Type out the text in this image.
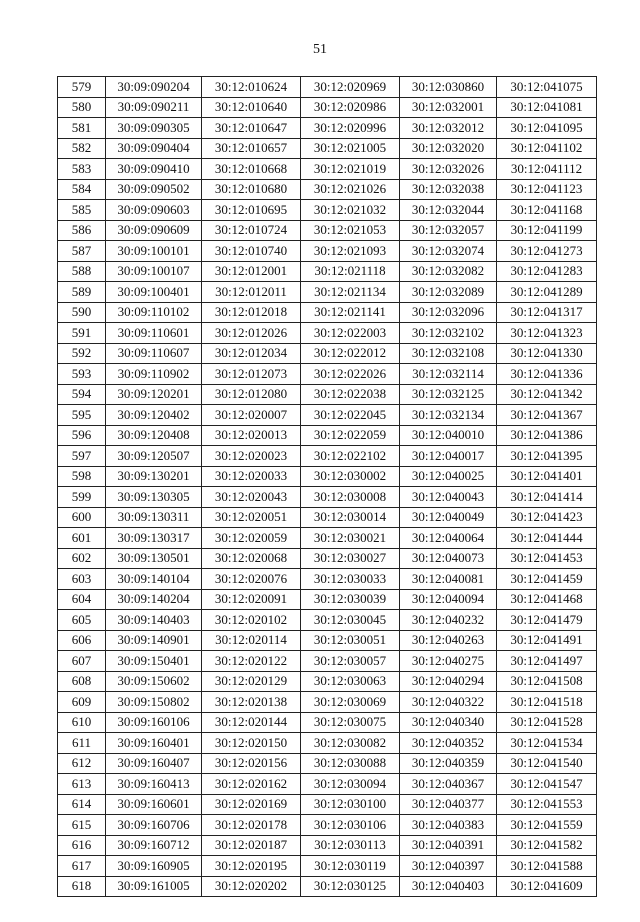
51
579	30:09:090204	30:12:010624	30:12:020969	30:12:030860	30:12:041075
580	30:09:090211	30:12:010640	30:12:020986	30:12:032001	30:12:041081
581	30:09:090305	30:12:010647	30:12:020996	30:12:032012	30:12:041095
582	30:09:090404	30:12:010657	30:12:021005	30:12:032020	30:12:041102
583	30:09:090410	30:12:010668	30:12:021019	30:12:032026	30:12:041112
584	30:09:090502	30:12:010680	30:12:021026	30:12:032038	30:12:041123
585	30:09:090603	30:12:010695	30:12:021032	30:12:032044	30:12:041168
586	30:09:090609	30:12:010724	30:12:021053	30:12:032057	30:12:041199
587	30:09:100101	30:12:010740	30:12:021093	30:12:032074	30:12:041273
588	30:09:100107	30:12:012001	30:12:021118	30:12:032082	30:12:041283
589	30:09:100401	30:12:012011	30:12:021134	30:12:032089	30:12:041289
590	30:09:110102	30:12:012018	30:12:021141	30:12:032096	30:12:041317
591	30:09:110601	30:12:012026	30:12:022003	30:12:032102	30:12:041323
592	30:09:110607	30:12:012034	30:12:022012	30:12:032108	30:12:041330
593	30:09:110902	30:12:012073	30:12:022026	30:12:032114	30:12:041336
594	30:09:120201	30:12:012080	30:12:022038	30:12:032125	30:12:041342
595	30:09:120402	30:12:020007	30:12:022045	30:12:032134	30:12:041367
596	30:09:120408	30:12:020013	30:12:022059	30:12:040010	30:12:041386
597	30:09:120507	30:12:020023	30:12:022102	30:12:040017	30:12:041395
598	30:09:130201	30:12:020033	30:12:030002	30:12:040025	30:12:041401
599	30:09:130305	30:12:020043	30:12:030008	30:12:040043	30:12:041414
600	30:09:130311	30:12:020051	30:12:030014	30:12:040049	30:12:041423
601	30:09:130317	30:12:020059	30:12:030021	30:12:040064	30:12:041444
602	30:09:130501	30:12:020068	30:12:030027	30:12:040073	30:12:041453
603	30:09:140104	30:12:020076	30:12:030033	30:12:040081	30:12:041459
604	30:09:140204	30:12:020091	30:12:030039	30:12:040094	30:12:041468
605	30:09:140403	30:12:020102	30:12:030045	30:12:040232	30:12:041479
606	30:09:140901	30:12:020114	30:12:030051	30:12:040263	30:12:041491
607	30:09:150401	30:12:020122	30:12:030057	30:12:040275	30:12:041497
608	30:09:150602	30:12:020129	30:12:030063	30:12:040294	30:12:041508
609	30:09:150802	30:12:020138	30:12:030069	30:12:040322	30:12:041518
610	30:09:160106	30:12:020144	30:12:030075	30:12:040340	30:12:041528
611	30:09:160401	30:12:020150	30:12:030082	30:12:040352	30:12:041534
612	30:09:160407	30:12:020156	30:12:030088	30:12:040359	30:12:041540
613	30:09:160413	30:12:020162	30:12:030094	30:12:040367	30:12:041547
614	30:09:160601	30:12:020169	30:12:030100	30:12:040377	30:12:041553
615	30:09:160706	30:12:020178	30:12:030106	30:12:040383	30:12:041559
616	30:09:160712	30:12:020187	30:12:030113	30:12:040391	30:12:041582
617	30:09:160905	30:12:020195	30:12:030119	30:12:040397	30:12:041588
618	30:09:161005	30:12:020202	30:12:030125	30:12:040403	30:12:041609
